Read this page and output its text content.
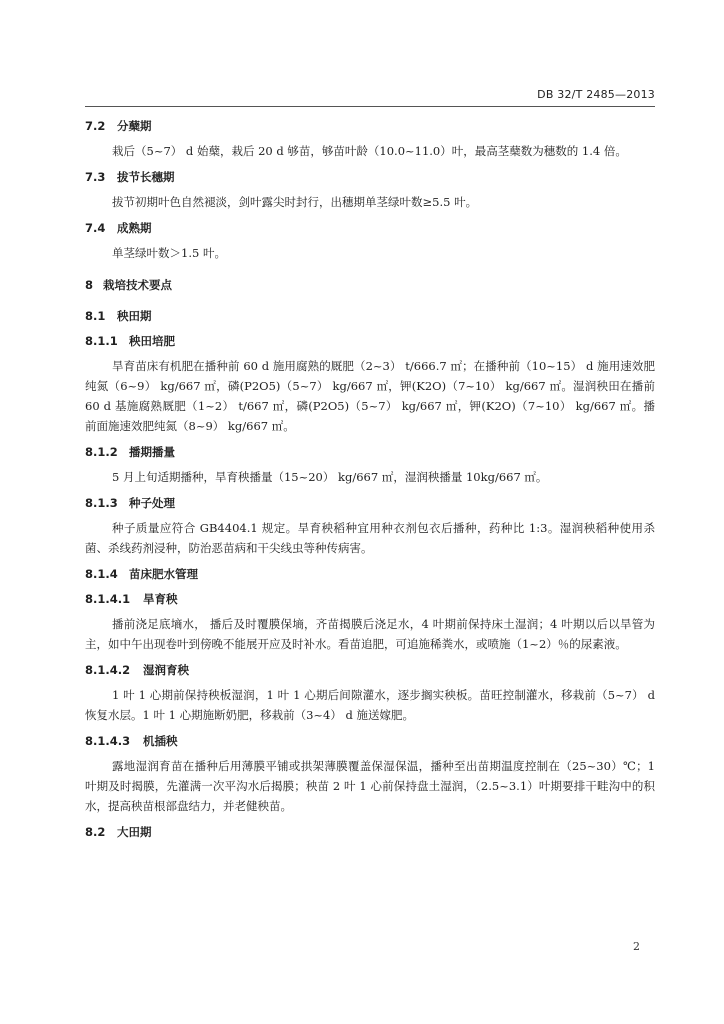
DB 32/T 2485—2013
7.2 分蘖期

栽后（5~7） d 始蘖，栽后 20 d 够苗，够苗叶龄（10.0~11.0）叶，最高茎蘖数为穗数的 1.4 倍。

7.3 拔节长穗期

拔节初期叶色自然褪淡，剑叶露尖时封行，出穗期单茎绿叶数≥5.5 叶。

7.4 成熟期

单茎绿叶数＞1.5 叶。

8 栽培技术要点
8.1 秧田期
8.1.1 秧田培肥

旱育苗床有机肥在播种前 60 d 施用腐熟的厩肥（2~3） t/666.7 ㎡；在播种前（10~15） d 施用速效肥纯氮（6~9） kg/667 ㎡，磷(P2O5)（5~7） kg/667 ㎡，钾(K2O)（7~10） kg/667 ㎡。湿润秧田在播前 60 d 基施腐熟厩肥（1~2） t/667 ㎡，磷(P2O5)（5~7） kg/667 ㎡，钾(K2O)（7~10） kg/667 ㎡。播前面施速效肥纯氮（8~9） kg/667 ㎡。

8.1.2 播期播量

5 月上旬适期播种，旱育秧播量（15~20） kg/667 ㎡，湿润秧播量 10kg/667 ㎡。

8.1.3 种子处理

种子质量应符合 GB4404.1 规定。旱育秧稻种宜用种衣剂包衣后播种，药种比 1:3。湿润秧稻种使用杀菌、杀线药剂浸种，防治恶苗病和干尖线虫等种传病害。

8.1.4 苗床肥水管理
8.1.4.1 旱育秧

播前浇足底墒水， 播后及时覆膜保墒，齐苗揭膜后浇足水，4 叶期前保持床土湿润；4 叶期以后以旱管为主，如中午出现卷叶到傍晚不能展开应及时补水。看苗追肥，可追施稀粪水，或喷施（1~2）％的尿素液。

8.1.4.2 湿润育秧

1 叶 1 心期前保持秧板湿润，1 叶 1 心期后间隙灌水，逐步搁实秧板。苗旺控制灌水，移栽前（5~7） d 恢复水层。1 叶 1 心期施断奶肥，移栽前（3~4） d 施送嫁肥。

8.1.4.3 机插秧

露地湿润育苗在播种后用薄膜平铺或拱架薄膜覆盖保湿保温，播种至出苗期温度控制在（25~30）℃；1 叶期及时揭膜，先灌满一次平沟水后揭膜；秧苗 2 叶 1 心前保持盘土湿润，（2.5~3.1）叶期要排干畦沟中的积水，提高秧苗根部盘结力，并老健秧苗。

8.2 大田期
2
